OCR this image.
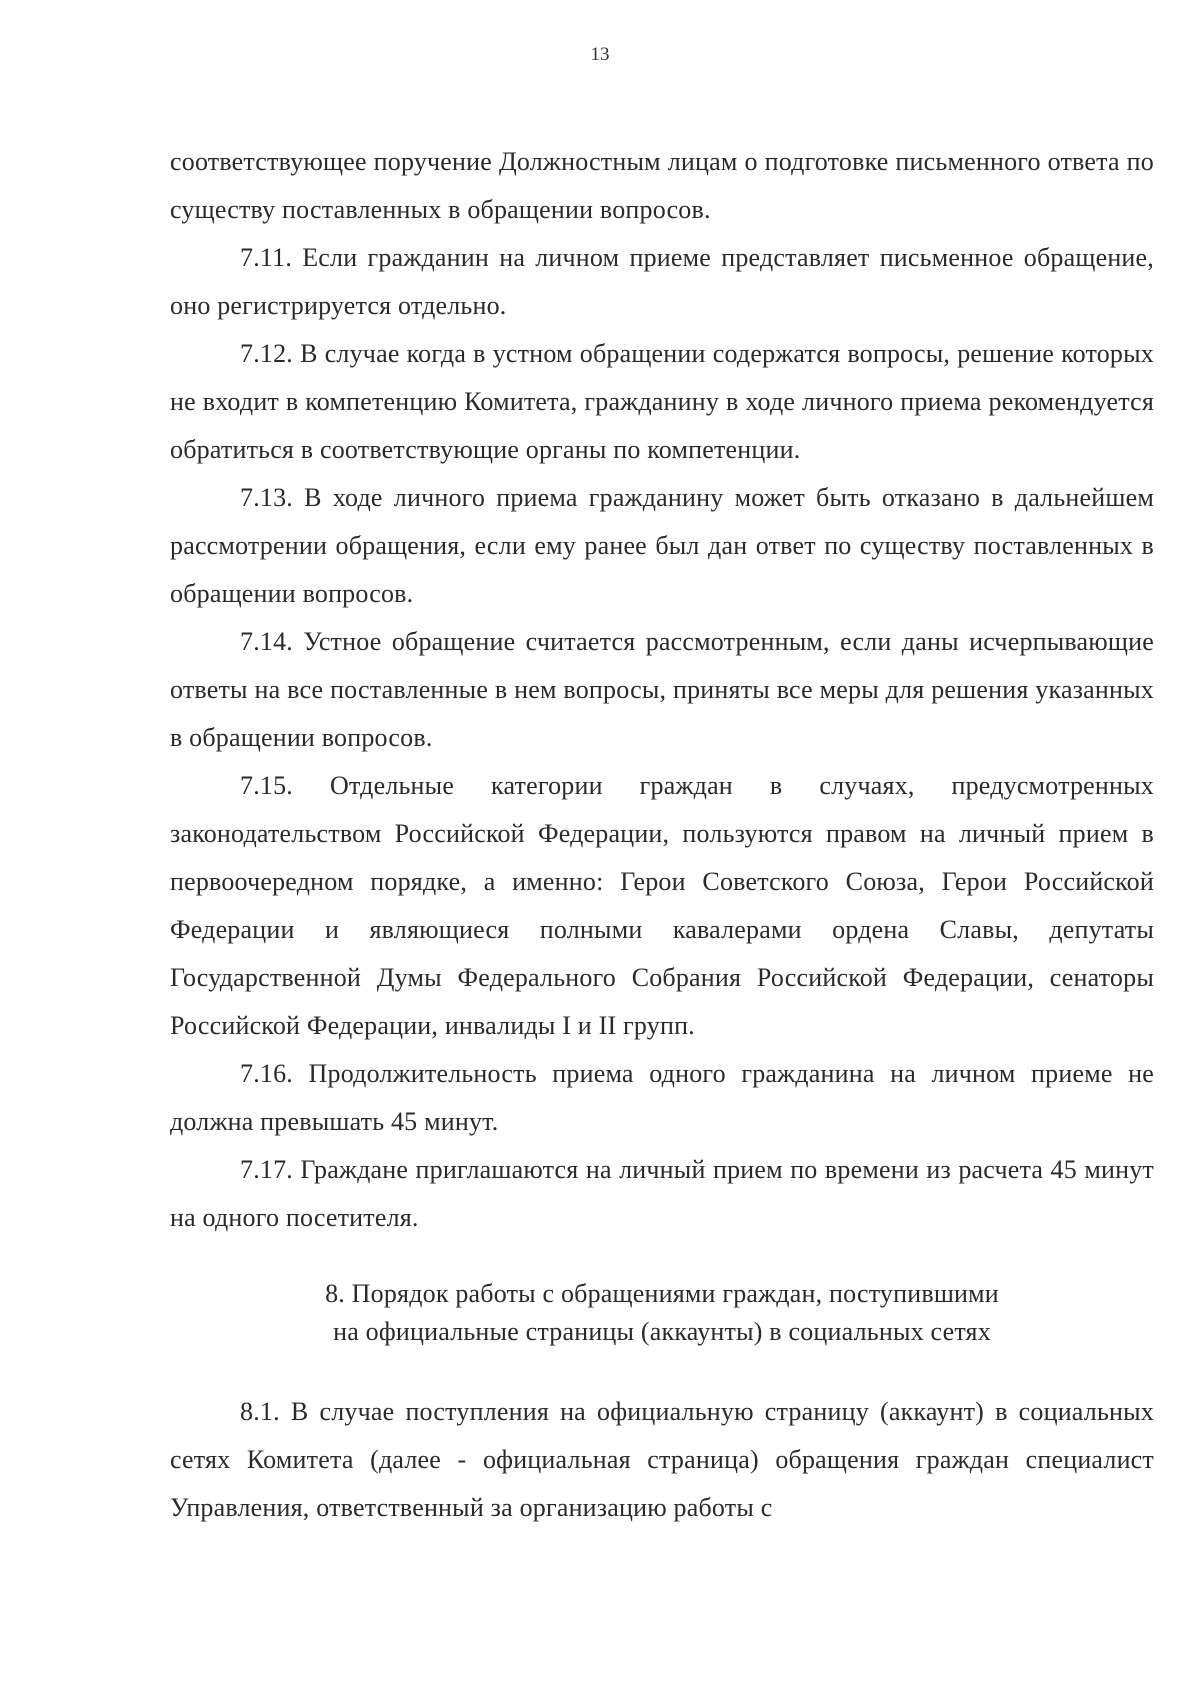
13

соответствующее поручение Должностным лицам о подготовке письменного ответа по существу поставленных в обращении вопросов.

7.11. Если гражданин на личном приеме представляет письменное обращение, оно регистрируется отдельно.

7.12. В случае когда в устном обращении содержатся вопросы, решение которых не входит в компетенцию Комитета, гражданину в ходе личного приема рекомендуется обратиться в соответствующие органы по компетенции.

7.13. В ходе личного приема гражданину может быть отказано в дальнейшем рассмотрении обращения, если ему ранее был дан ответ по существу поставленных в обращении вопросов.

7.14. Устное обращение считается рассмотренным, если даны исчерпывающие ответы на все поставленные в нем вопросы, приняты все меры для решения указанных в обращении вопросов.

7.15. Отдельные категории граждан в случаях, предусмотренных законодательством Российской Федерации, пользуются правом на личный прием в первоочередном порядке, а именно: Герои Советского Союза, Герои Российской Федерации и являющиеся полными кавалерами ордена Славы, депутаты Государственной Думы Федерального Собрания Российской Федерации, сенаторы Российской Федерации, инвалиды I и II групп.

7.16. Продолжительность приема одного гражданина на личном приеме не должна превышать 45 минут.

7.17. Граждане приглашаются на личный прием по времени из расчета 45 минут на одного посетителя.

8. Порядок работы с обращениями граждан, поступившими
на официальные страницы (аккаунты) в социальных сетях

8.1. В случае поступления на официальную страницу (аккаунт) в социальных сетях Комитета (далее - официальная страница) обращения граждан специалист Управления, ответственный за организацию работы с
